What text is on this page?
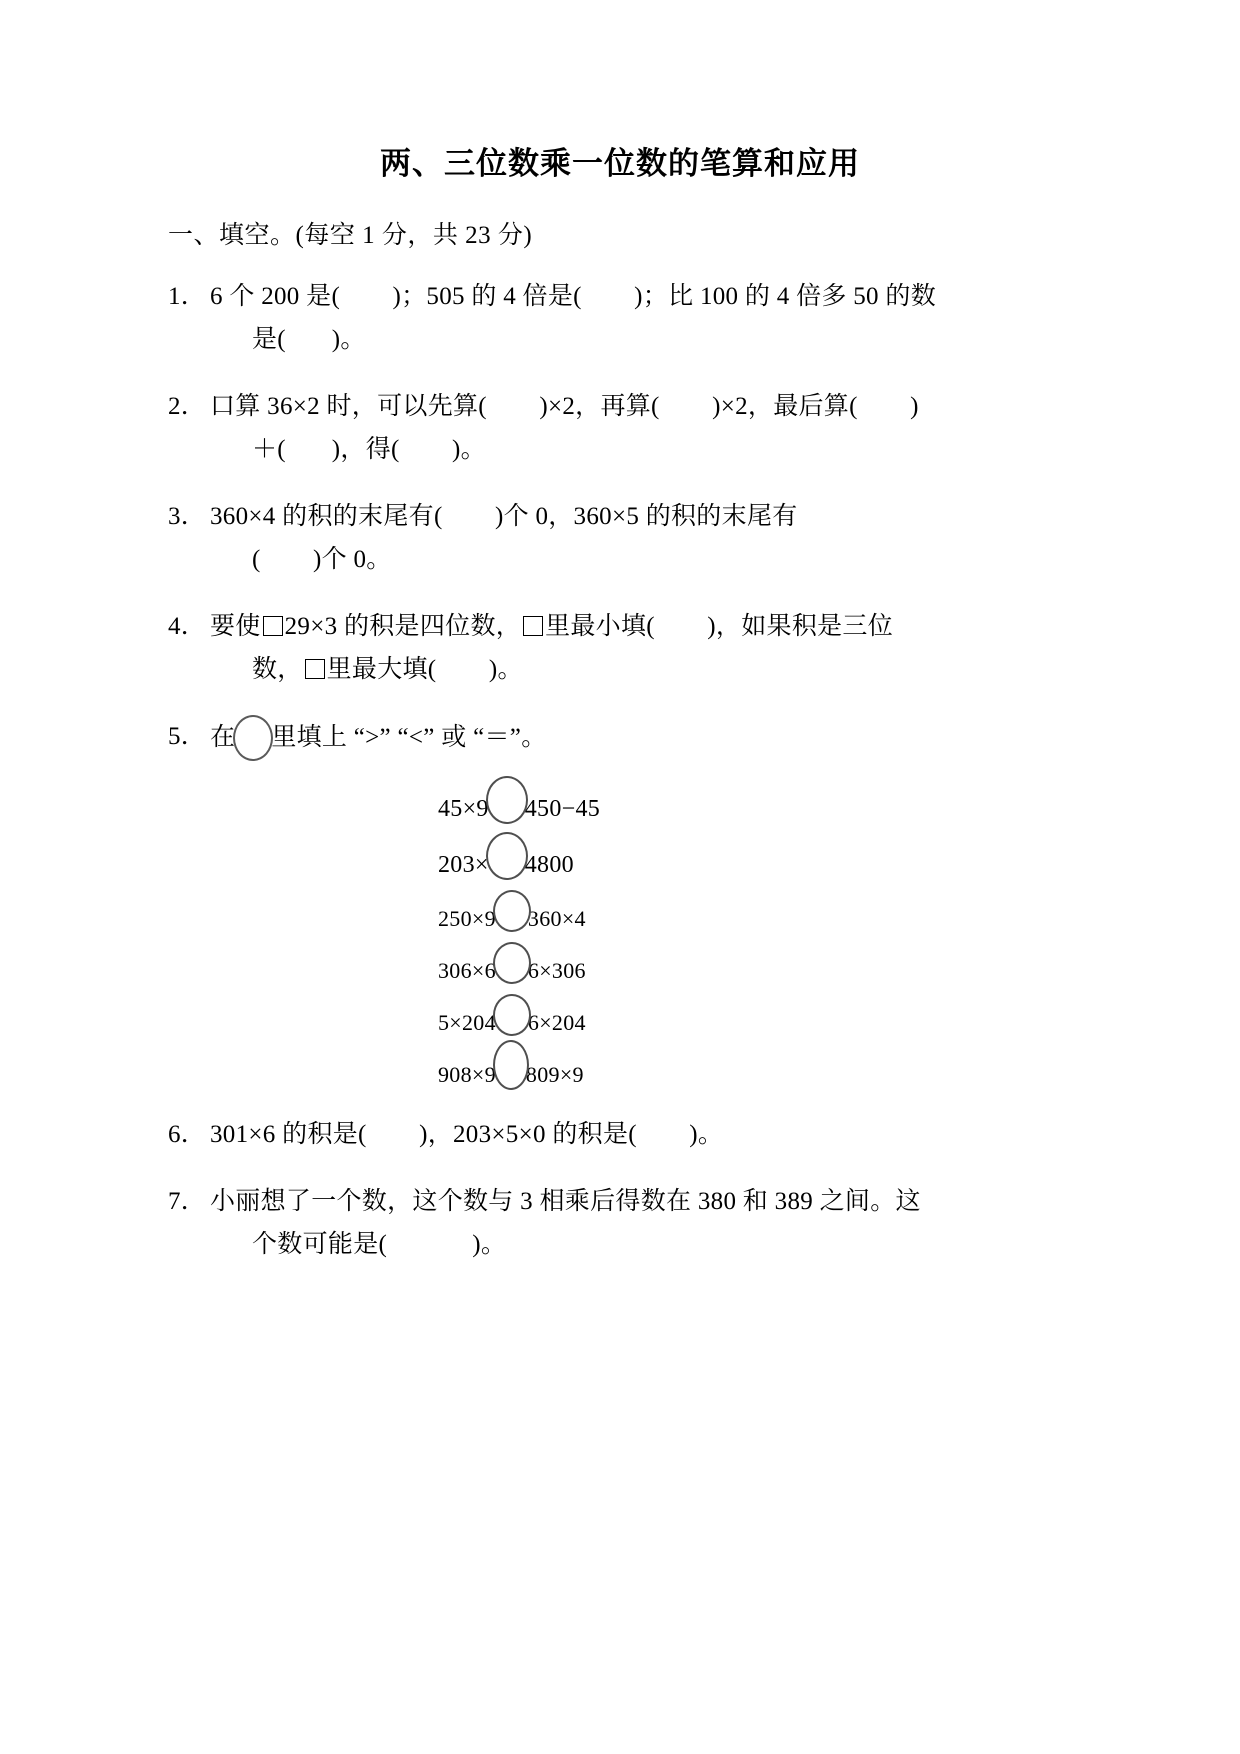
两、三位数乘一位数的笔算和应用

一、填空。(每空 1 分，共 23 分)

1． 6 个 200 是(        )；505 的 4 倍是(        )；比 100 的 4 倍多 50 的数
是(       )。
2． 口算 36×2 时，可以先算(        )×2，再算(        )×2，最后算(        )
＋(       )，得(        )。
3． 360×4 的积的末尾有(        )个 0，360×5 的积的末尾有
(        )个 0。
4． 要使 29×3 的积是四位数， 里最小填(        )，如果积是三位
数， 里最大填(        )。
5． 在 里填上 “>” “<” 或 “＝”。
45×9 450−45
203× 4800
250×9 360×4
306×6 6×306
5×204 6×204
908×9 809×9
6． 301×6 的积是(        )，203×5×0 的积是(        )。
7． 小丽想了一个数，这个数与 3 相乘后得数在 380 和 389 之间。这
个数可能是(             )。
